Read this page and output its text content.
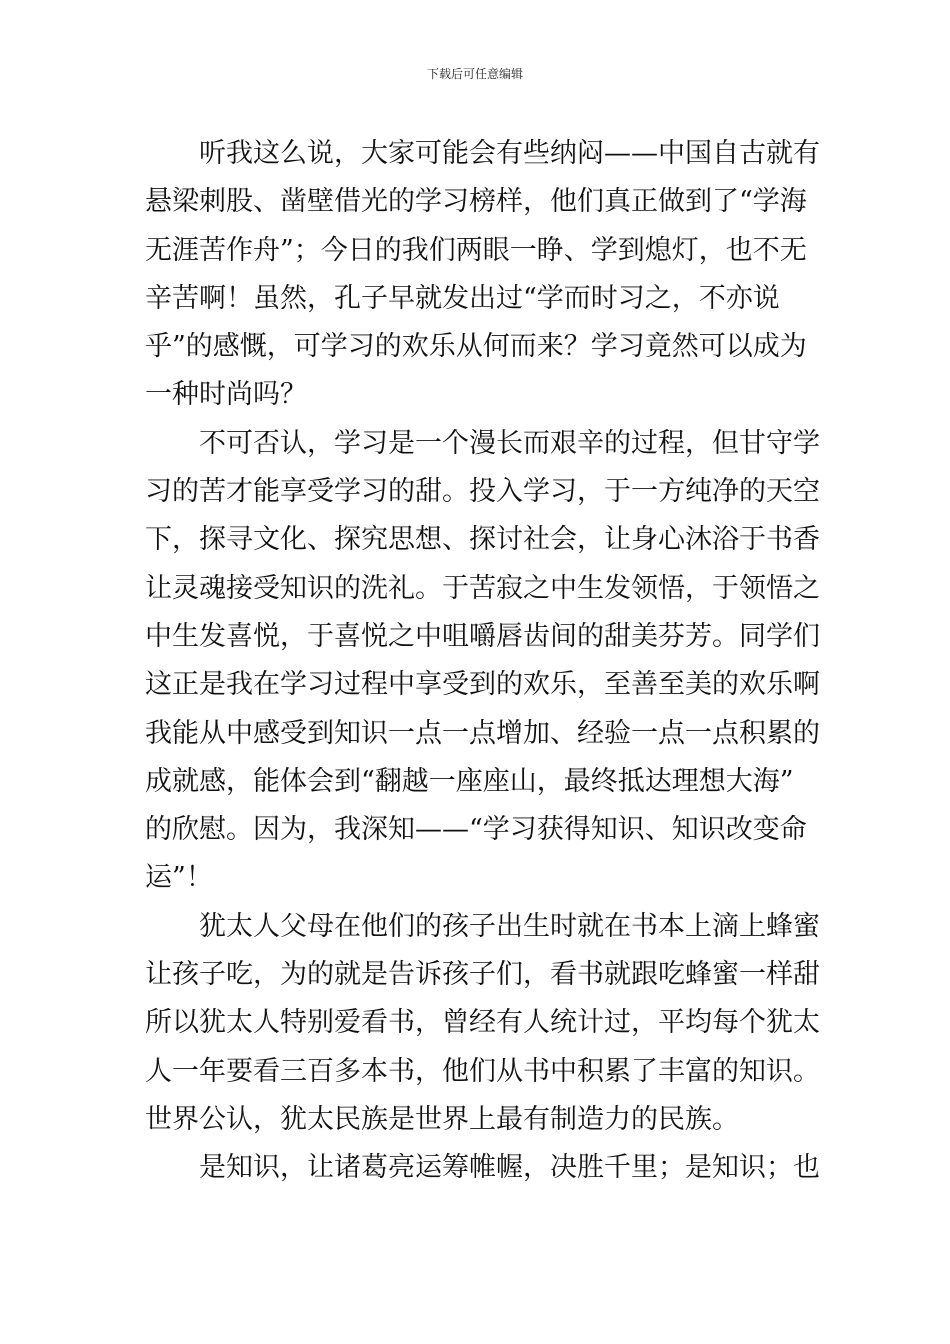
下载后可任意编辑
　　听我这么说，大家可能会有些纳闷——中国自古就有
悬梁刺股、凿壁借光的学习榜样，他们真正做到了“学海
无涯苦作舟”；今日的我们两眼一睁、学到熄灯，也不无
辛苦啊！虽然，孔子早就发出过“学而时习之，不亦说
乎”的感慨，可学习的欢乐从何而来？学习竟然可以成为
一种时尚吗？
　　不可否认，学习是一个漫长而艰辛的过程，但甘守学
习的苦才能享受学习的甜。投入学习，于一方纯净的天空
下，探寻文化、探究思想、探讨社会，让身心沐浴于书香
让灵魂接受知识的洗礼。于苦寂之中生发领悟，于领悟之
中生发喜悦，于喜悦之中咀嚼唇齿间的甜美芬芳。同学们
这正是我在学习过程中享受到的欢乐，至善至美的欢乐啊
我能从中感受到知识一点一点增加、经验一点一点积累的
成就感，能体会到“翻越一座座山，最终抵达理想大海”
的欣慰。因为，我深知——“学习获得知识、知识改变命
运”！
　　犹太人父母在他们的孩子出生时就在书本上滴上蜂蜜
让孩子吃，为的就是告诉孩子们，看书就跟吃蜂蜜一样甜
所以犹太人特别爱看书，曾经有人统计过，平均每个犹太
人一年要看三百多本书，他们从书中积累了丰富的知识。
世界公认，犹太民族是世界上最有制造力的民族。
　　是知识，让诸葛亮运筹帷幄，决胜千里；是知识；也
